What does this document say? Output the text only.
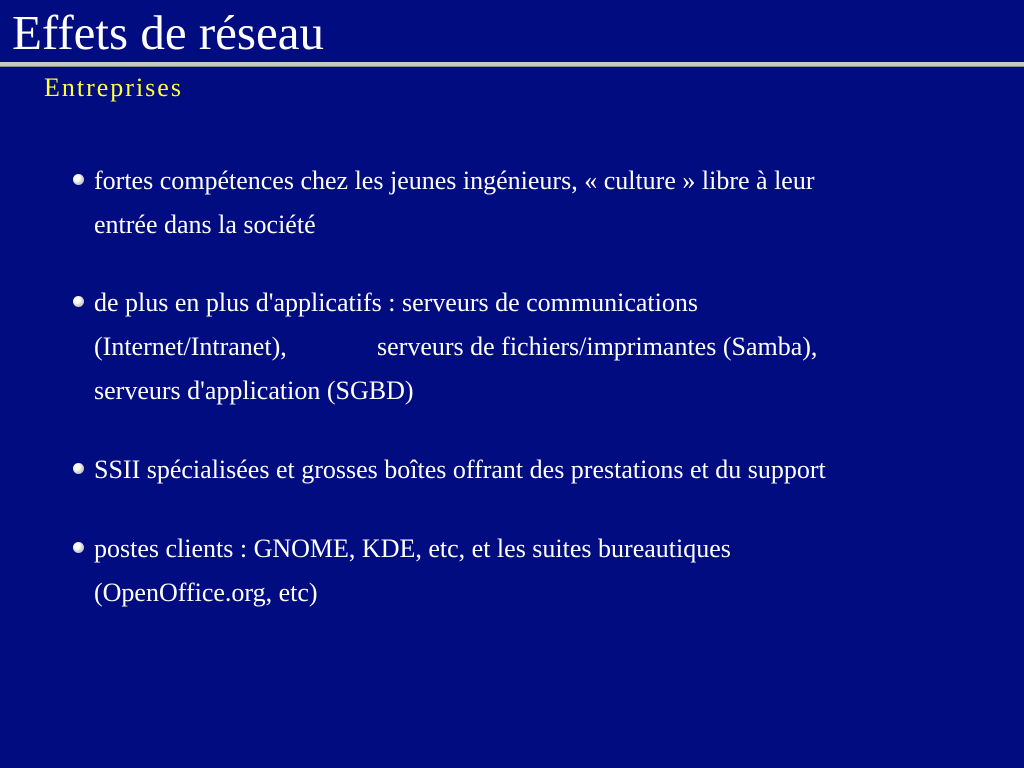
Effets de réseau
Entreprises
fortes compétences chez les jeunes ingénieurs, « culture » libre à leur
entrée dans la société
de plus en plus d'applicatifs : serveurs de communications
(Internet/Intranet),	serveurs de fichiers/imprimantes (Samba),
serveurs d'application (SGBD)
SSII spécialisées et grosses boîtes offrant des prestations et du support
postes clients : GNOME, KDE, etc, et les suites bureautiques
(OpenOffice.org, etc)
